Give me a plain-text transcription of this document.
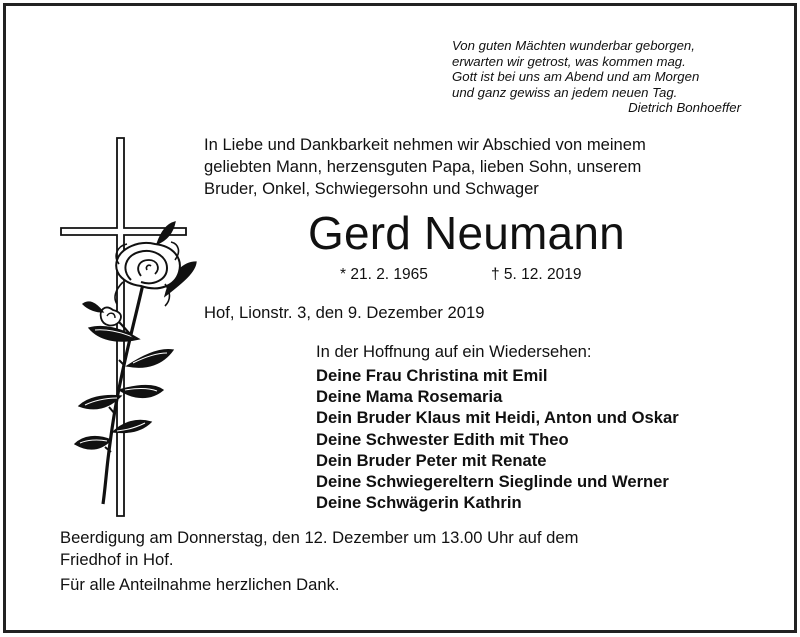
Von guten Mächten wunderbar geborgen,
erwarten wir getrost, was kommen mag.
Gott ist bei uns am Abend und am Morgen
und ganz gewiss an jedem neuen Tag.
Dietrich Bonhoeffer
In Liebe und Dankbarkeit nehmen wir Abschied von meinem
geliebten Mann, herzensguten Papa, lieben Sohn, unserem
Bruder, Onkel, Schwiegersohn und Schwager
Gerd Neumann
* 21. 2. 1965	† 5. 12. 2019
Hof, Lionstr. 3, den 9. Dezember 2019
In der Hoffnung auf ein Wiedersehen:
Deine Frau Christina mit Emil
Deine Mama Rosemaria
Dein Bruder Klaus mit Heidi, Anton und Oskar
Deine Schwester Edith mit Theo
Dein Bruder Peter mit Renate
Deine Schwiegereltern Sieglinde und Werner
Deine Schwägerin Kathrin
Beerdigung am Donnerstag, den 12. Dezember um 13.00 Uhr auf dem
Friedhof in Hof.
Für alle Anteilnahme herzlichen Dank.
